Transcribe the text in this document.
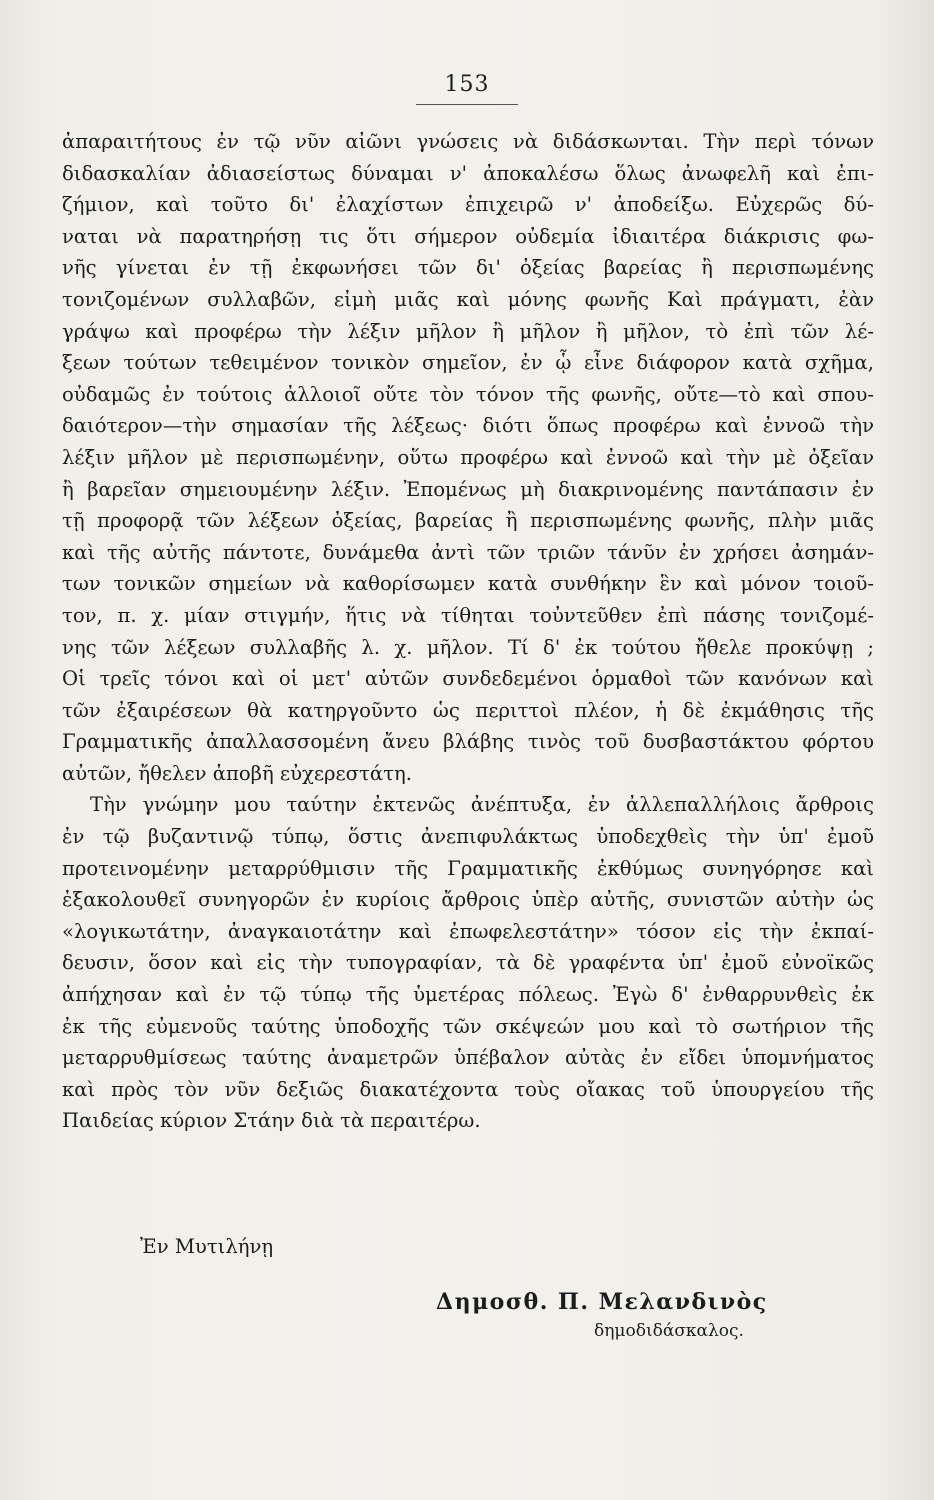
153
ἀπαραιτήτους ἐν τῷ νῦν αἰῶνι γνώσεις νὰ διδάσκωνται. Τὴν περὶ τόνων
διδασκαλίαν ἀδιασείστως δύναμαι ν' ἀποκαλέσω ὅλως ἀνωφελῆ καὶ ἐπι-
ζήμιον, καὶ τοῦτο δι' ἐλαχίστων ἐπιχειρῶ ν' ἀποδείξω. Εὐχερῶς δύ-
ναται νὰ παρατηρήσῃ τις ὅτι σήμερον οὐδεμία ἰδιαιτέρα διάκρισις φω-
νῆς γίνεται ἐν τῇ ἐκφωνήσει τῶν δι' ὀξείας βαρείας ἢ περισπωμένης
τονιζομένων συλλαβῶν, εἰμὴ μιᾶς καὶ μόνης φωνῆς Καὶ πράγματι, ἐὰν
γράψω καὶ προφέρω τὴν λέξιν μῆλον ἢ μῆλον ἢ μῆλον, τὸ ἐπὶ τῶν λέ-
ξεων τούτων τεθειμένον τονικὸν σημεῖον, ἐν ᾧ εἶνε διάφορον κατὰ σχῆμα,
οὐδαμῶς ἐν τούτοις ἀλλοιοῖ οὔτε τὸν τόνον τῆς φωνῆς, οὔτε—τὸ καὶ σπου-
δαιότερον—τὴν σημασίαν τῆς λέξεως· διότι ὅπως προφέρω καὶ ἐννοῶ τὴν
λέξιν μῆλον μὲ περισπωμένην, οὕτω προφέρω καὶ ἐννοῶ καὶ τὴν μὲ ὀξεῖαν
ἢ βαρεῖαν σημειουμένην λέξιν. Ἐπομένως μὴ διακρινομένης παντάπασιν ἐν
τῇ προφορᾷ τῶν λέξεων ὀξείας, βαρείας ἢ περισπωμένης φωνῆς, πλὴν μιᾶς
καὶ τῆς αὐτῆς πάντοτε, δυνάμεθα ἀντὶ τῶν τριῶν τάνῦν ἐν χρήσει ἀσημάν-
των τονικῶν σημείων νὰ καθορίσωμεν κατὰ συνθήκην ἓν καὶ μόνον τοιοῦ-
τον, π. χ. μίαν στιγμήν, ἥτις νὰ τίθηται τοὐντεῦθεν ἐπὶ πάσης τονιζομέ-
νης τῶν λέξεων συλλαβῆς λ. χ. μῆλον. Τί δ' ἐκ τούτου ἤθελε προκύψῃ ;
Οἱ τρεῖς τόνοι καὶ οἱ μετ' αὐτῶν συνδεδεμένοι ὁρμαθοὶ τῶν κανόνων καὶ
τῶν ἐξαιρέσεων θὰ κατηργοῦντο ὡς περιττοὶ πλέον, ἡ δὲ ἐκμάθησις τῆς
Γραμματικῆς ἀπαλλασσομένη ἄνευ βλάβης τινὸς τοῦ δυσβαστάκτου φόρτου
αὐτῶν, ἤθελεν ἀποβῆ εὐχερεστάτη.
Τὴν γνώμην μου ταύτην ἐκτενῶς ἀνέπτυξα, ἐν ἀλλεπαλλήλοις ἄρθροις
ἐν τῷ βυζαντινῷ τύπῳ, ὅστις ἀνεπιφυλάκτως ὑποδεχθεὶς τὴν ὑπ' ἐμοῦ
προτεινομένην μεταρρύθμισιν τῆς Γραμματικῆς ἐκθύμως συνηγόρησε καὶ
ἐξακολουθεῖ συνηγορῶν ἐν κυρίοις ἄρθροις ὑπὲρ αὐτῆς, συνιστῶν αὐτὴν ὡς
«λογικωτάτην, ἀναγκαιοτάτην καὶ ἐπωφελεστάτην» τόσον εἰς τὴν ἐκπαί-
δευσιν, ὅσον καὶ εἰς τὴν τυπογραφίαν, τὰ δὲ γραφέντα ὑπ' ἐμοῦ εὐνοϊκῶς
ἀπήχησαν καὶ ἐν τῷ τύπῳ τῆς ὑμετέρας πόλεως. Ἐγὼ δ' ἐνθαρρυνθεὶς ἐκ
ἐκ τῆς εὐμενοῦς ταύτης ὑποδοχῆς τῶν σκέψεών μου καὶ τὸ σωτήριον τῆς
μεταρρυθμίσεως ταύτης ἀναμετρῶν ὑπέβαλον αὐτὰς ἐν εἴδει ὑπομνήματος
καὶ πρὸς τὸν νῦν δεξιῶς διακατέχοντα τοὺς οἴακας τοῦ ὑπουργείου τῆς
Παιδείας κύριον Στάην διὰ τὰ περαιτέρω.
Ἐν Μυτιλήνῃ
Δημοσθ. Π. Μελανδινὸς
δημοδιδάσκαλος.
